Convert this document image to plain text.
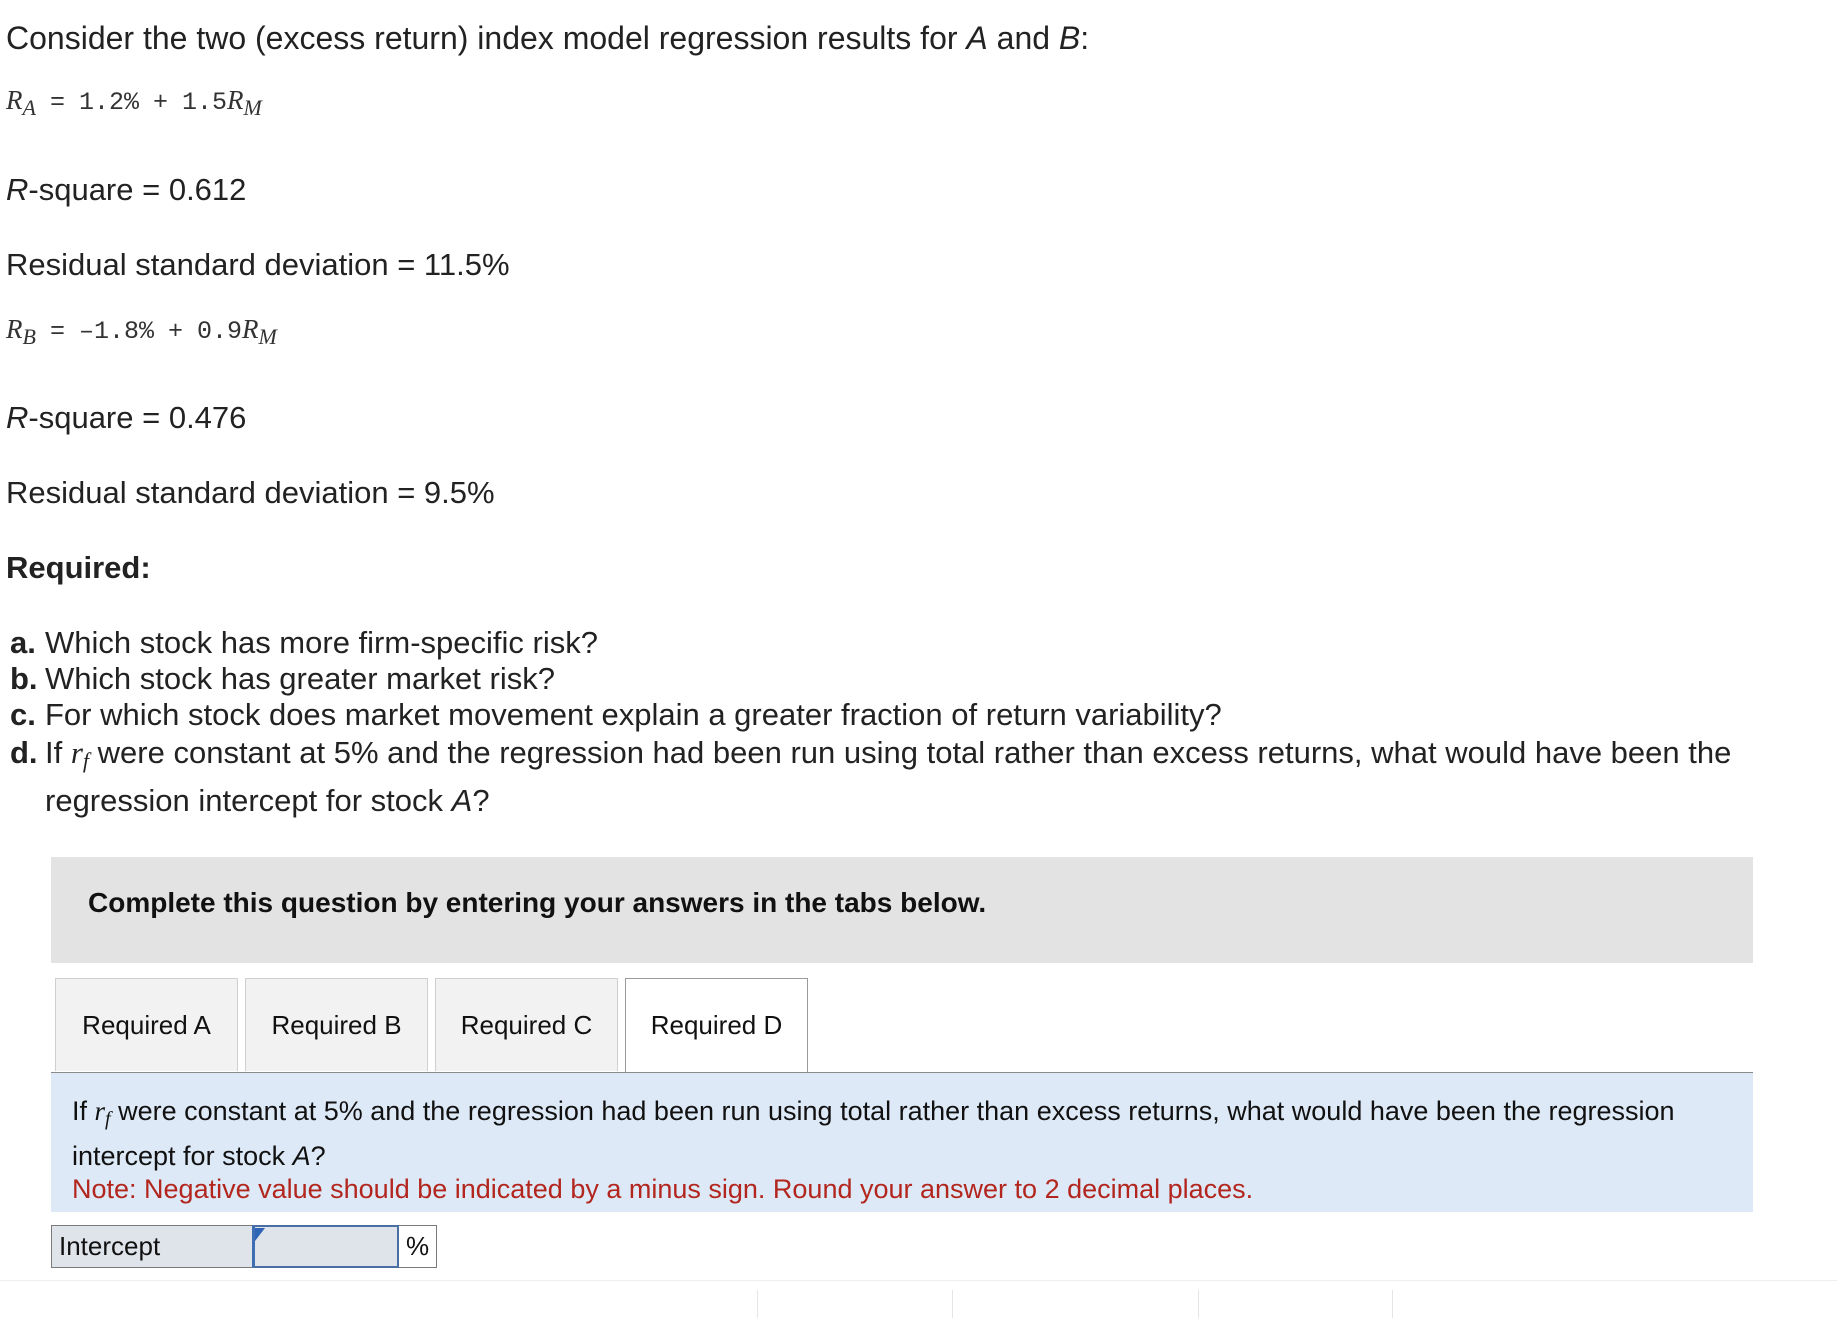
Consider the two (excess return) index model regression results for A and B:
$R_A = 1.2\% + 1.5R_M$
R-square = 0.612
Residual standard deviation = 11.5%
$R_B = -1.8\% + 0.9R_M$
R-square = 0.476
Residual standard deviation = 9.5%
Required:
a. Which stock has more firm-specific risk?
b. Which stock has greater market risk?
c. For which stock does market movement explain a greater fraction of return variability?
d. If $r_f$ were constant at 5% and the regression had been run using total rather than excess returns, what would have been the regression intercept for stock A?
Complete this question by entering your answers in the tabs below.
Required A	Required B	Required C	Required D
If $r_f$ were constant at 5% and the regression had been run using total rather than excess returns, what would have been the regression intercept for stock A?
Note: Negative value should be indicated by a minus sign. Round your answer to 2 decimal places.
Intercept	%
